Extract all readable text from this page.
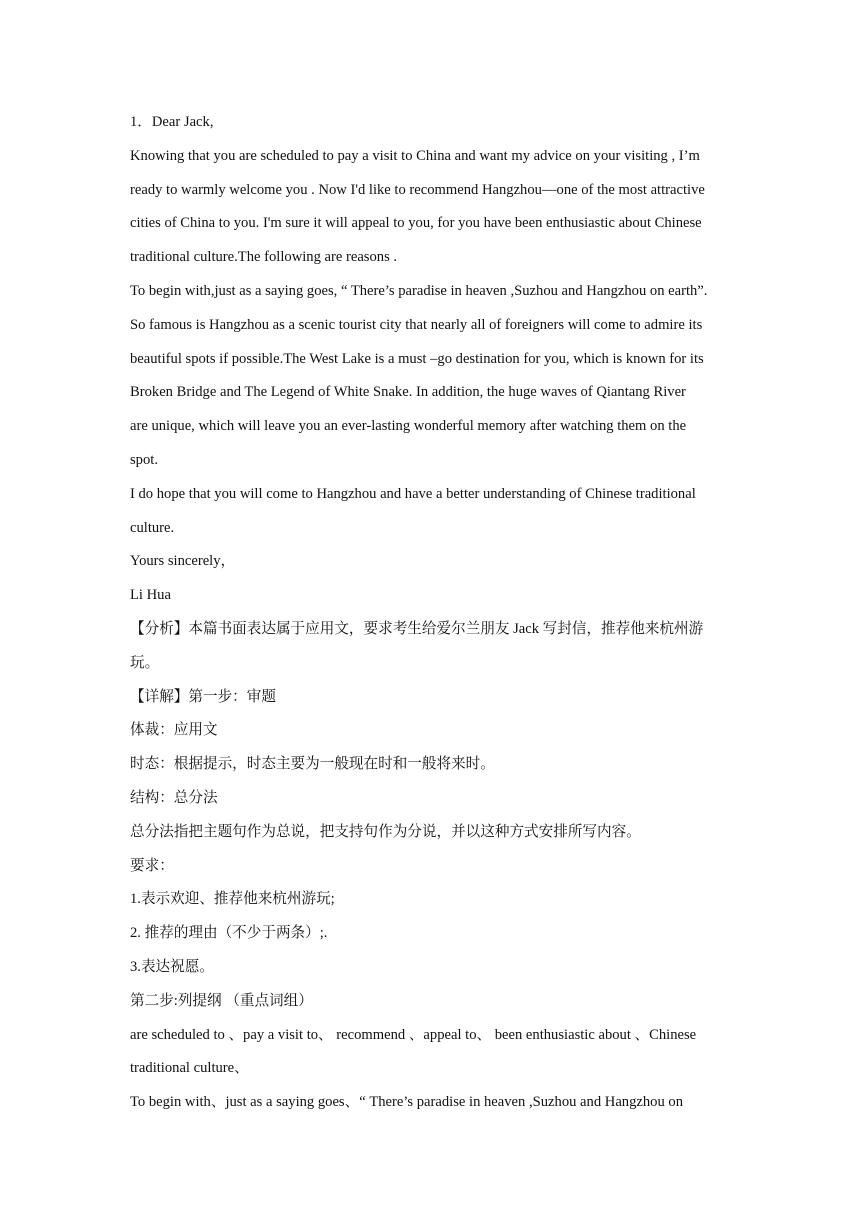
1．Dear Jack,
Knowing that you are scheduled to pay a visit to China and want my advice on your visiting , I’m
ready to warmly welcome you . Now I'd like to recommend Hangzhou—one of the most attractive
cities of China to you. I'm sure it will appeal to you, for you have been enthusiastic about Chinese
traditional culture.The following are reasons .
To begin with,just as a saying goes, “ There’s paradise in heaven ,Suzhou and Hangzhou on earth”.
So famous is Hangzhou as a scenic tourist city that nearly all of foreigners will come to admire its
beautiful spots if possible.The West Lake is a must –go destination for you, which is known for its
Broken Bridge and The Legend of White Snake. In addition, the huge waves of Qiantang River
are unique, which will leave you an ever-lasting wonderful memory after watching them on the
spot.
I do hope that you will come to Hangzhou and have a better understanding of Chinese traditional
culture.
Yours sincerely，
Li Hua
【分析】本篇书面表达属于应用文，要求考生给爱尔兰朋友 Jack 写封信，推荐他来杭州游
玩。
【详解】第一步：审题
体裁：应用文
时态：根据提示，时态主要为一般现在时和一般将来时。
结构：总分法
总分法指把主题句作为总说，把支持句作为分说，并以这种方式安排所写内容。
要求：
1.表示欢迎、推荐他来杭州游玩;
2. 推荐的理由（不少于两条）;.
3.表达祝愿。
第二步:列提纲 （重点词组）
are scheduled to 、pay a visit to、 recommend 、appeal to、 been enthusiastic about 、Chinese
traditional culture、
To begin with、just as a saying goes、“ There’s paradise in heaven ,Suzhou and Hangzhou on
